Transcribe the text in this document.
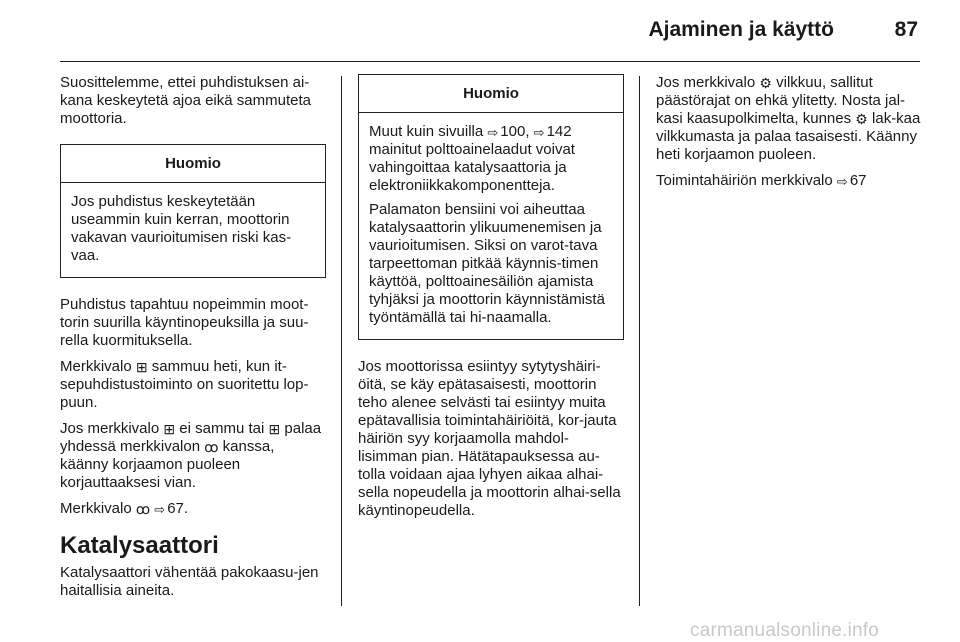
Ajaminen ja käyttö	87

Suosittelemme, ettei puhdistuksen ai-kana keskeytetä ajoa eikä sammuteta moottoria.

Huomio

Jos puhdistus keskeytetään useammin kuin kerran, moottorin vakavan vaurioitumisen riski kas-vaa.

Puhdistus tapahtuu nopeimmin moot-torin suurilla käyntinopeuksilla ja suu-rella kuormituksella.

Merkkivalo ⊞ sammuu heti, kun it-sepuhdistustoiminto on suoritettu lop-puun.

Jos merkkivalo ⊞ ei sammu tai ⊞ palaa yhdessä merkkivalon ꝏ kanssa, käänny korjaamon puoleen korjauttaaksesi vian.

Merkkivalo ꝏ ⇨ 67.

Katalysaattori

Katalysaattori vähentää pakokaasu-jen haitallisia aineita.

Huomio

Muut kuin sivuilla ⇨ 100, ⇨ 142 mainitut polttoainelaadut voivat vahingoittaa katalysaattoria ja elektroniikkakomponentteja.

Palamaton bensiini voi aiheuttaa katalysaattorin ylikuumenemisen ja vaurioitumisen. Siksi on varot-tava tarpeettoman pitkää käynnis-timen käyttöä, polttoainesäiliön ajamista tyhjäksi ja moottorin käynnistämistä työntämällä tai hi-naamalla.

Jos moottorissa esiintyy sytytyshäiri-öitä, se käy epätasaisesti, moottorin teho alenee selvästi tai esiintyy muita epätavallisia toimintahäiriöitä, kor-jauta häiriön syy korjaamolla mahdol-lisimman pian. Hätätapauksessa au-tolla voidaan ajaa lyhyen aikaa alhai-sella nopeudella ja moottorin alhai-sella käyntinopeudella.

Jos merkkivalo ⚙ vilkkuu, sallitut päästörajat on ehkä ylitetty. Nosta jal-kasi kaasupolkimelta, kunnes ⚙ lak-kaa vilkkumasta ja palaa tasaisesti. Käänny heti korjaamon puoleen.

Toimintahäiriön merkkivalo ⇨ 67

carmanualsonline.info
